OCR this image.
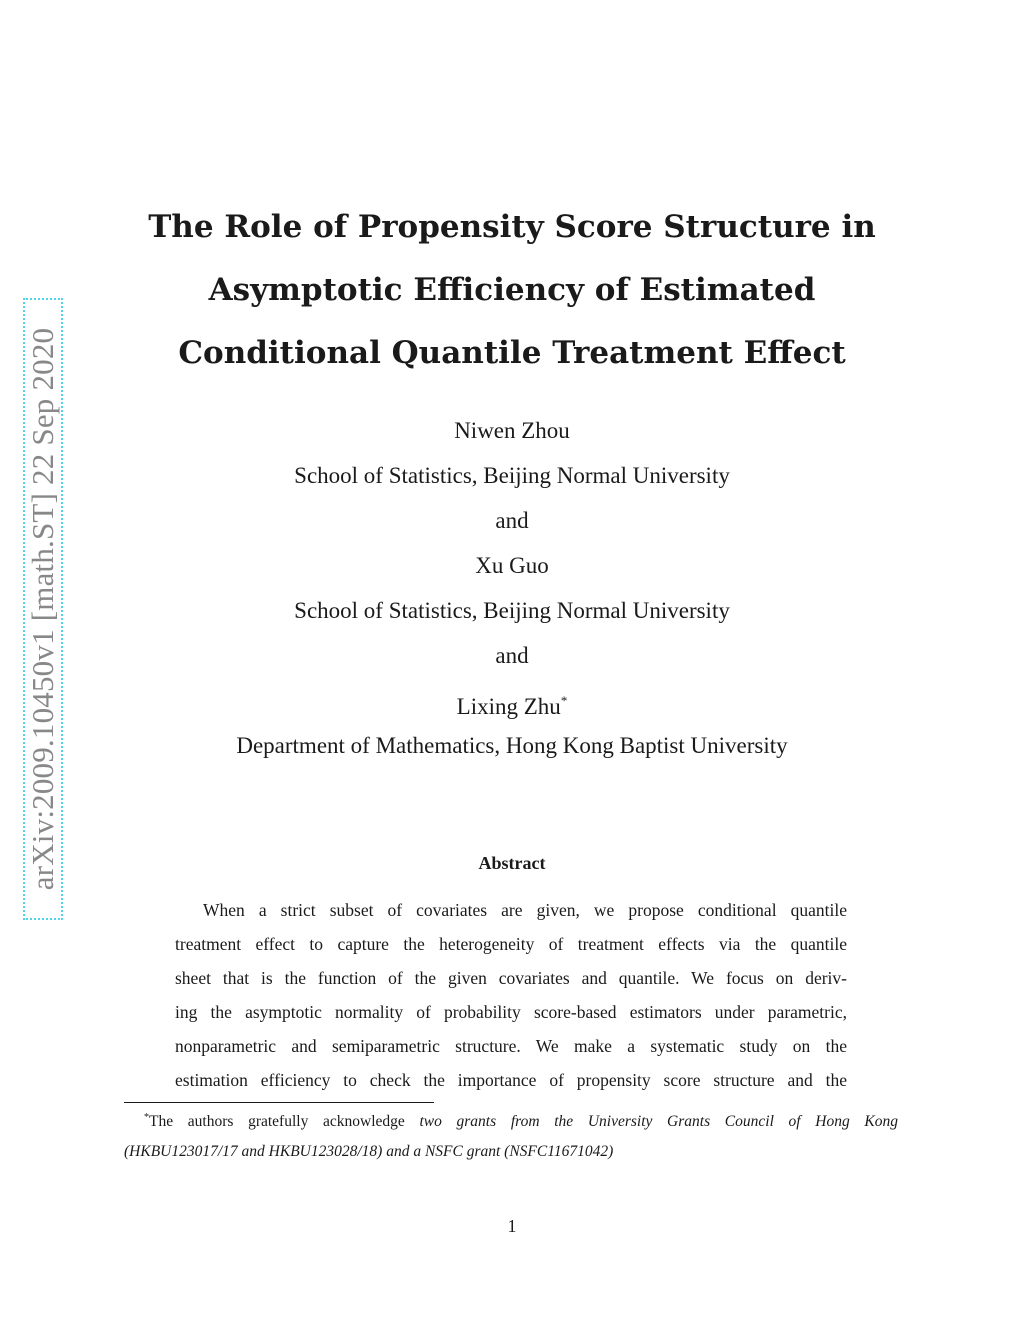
arXiv:2009.10450v1 [math.ST] 22 Sep 2020
The Role of Propensity Score Structure in
Asymptotic Efficiency of Estimated
Conditional Quantile Treatment Effect
Niwen Zhou
School of Statistics, Beijing Normal University
and
Xu Guo
School of Statistics, Beijing Normal University
and
Lixing Zhu*
Department of Mathematics, Hong Kong Baptist University
Abstract
When a strict subset of covariates are given, we propose conditional quantile
treatment effect to capture the heterogeneity of treatment effects via the quantile
sheet that is the function of the given covariates and quantile. We focus on deriv-
ing the asymptotic normality of probability score-based estimators under parametric,
nonparametric and semiparametric structure. We make a systematic study on the
estimation efficiency to check the importance of propensity score structure and the
*The authors gratefully acknowledge two grants from the University Grants Council of Hong Kong
(HKBU123017/17 and HKBU123028/18) and a NSFC grant (NSFC11671042)
1
